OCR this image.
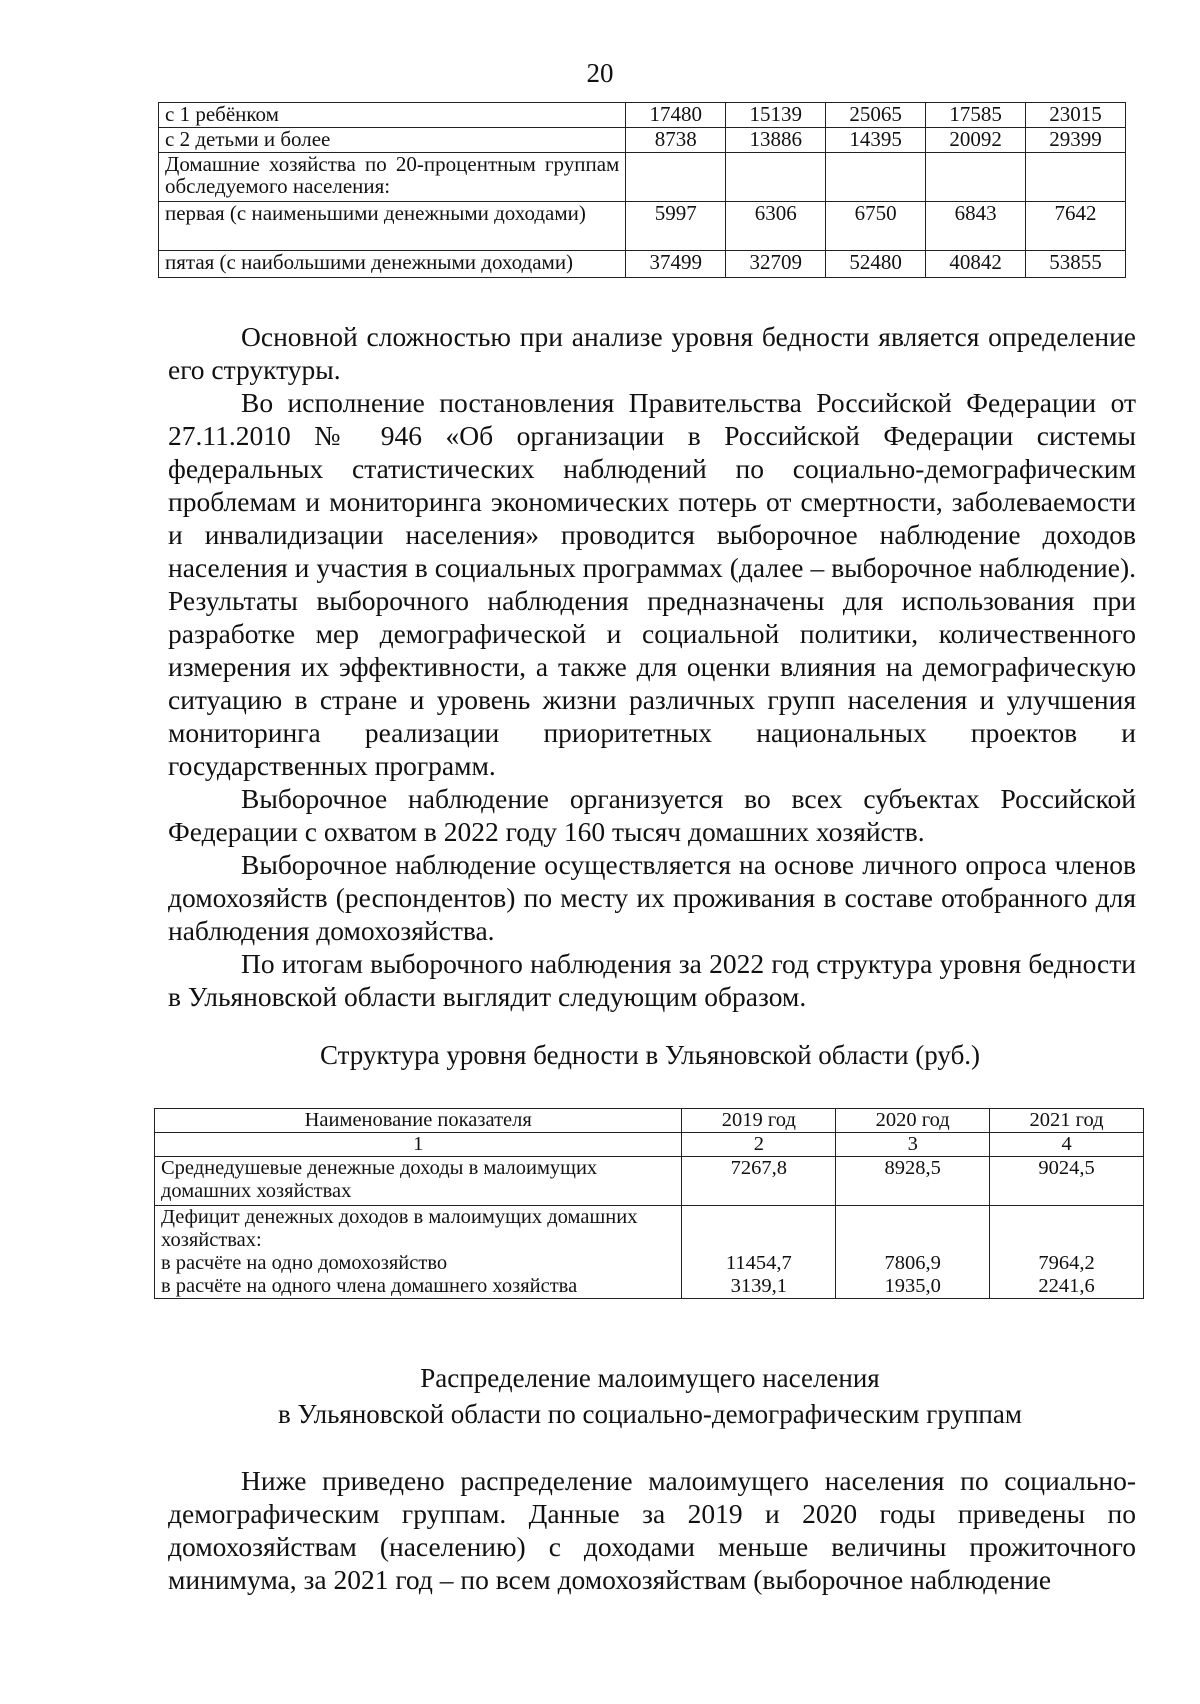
20
с 1 ребёнком	17480	15139	25065	17585	23015
с 2 детьми и более	8738	13886	14395	20092	29399
Домашние хозяйства по 20-процентным группам обследуемого населения:					
первая (с наименьшими денежными доходами)	5997	6306	6750	6843	7642
пятая (с наибольшими денежными доходами)	37499	32709	52480	40842	53855

Основной сложностью при анализе уровня бедности является определение его структуры.

Во исполнение постановления Правительства Российской Федерации от 27.11.2010 № 946 «Об организации в Российской Федерации системы федеральных статистических наблюдений по социально-демографическим проблемам и мониторинга экономических потерь от смертности, заболеваемости и инвалидизации населения» проводится выборочное наблюдение доходов населения и участия в социальных программах (далее – выборочное наблюдение). Результаты выборочного наблюдения предназначены для использования при разработке мер демографической и социальной политики, количественного измерения их эффективности, а также для оценки влияния на демографическую ситуацию в стране и уровень жизни различных групп населения и улучшения мониторинга реализации приоритетных национальных проектов и государственных программ.

Выборочное наблюдение организуется во всех субъектах Российской Федерации с охватом в 2022 году 160 тысяч домашних хозяйств.

Выборочное наблюдение осуществляется на основе личного опроса членов домохозяйств (респондентов) по месту их проживания в составе отобранного для наблюдения домохозяйства.

По итогам выборочного наблюдения за 2022 год структура уровня бедности в Ульяновской области выглядит следующим образом.

Структура уровня бедности в Ульяновской области (руб.)
Наименование показателя	2019 год	2020 год	2021 год
1	2	3	4
Среднедушевые денежные доходы в малоимущих домашних хозяйствах	7267,8	8928,5	9024,5
Дефицит денежных доходов в малоимущих домашних хозяйствах:			
в расчёте на одно домохозяйство	11454,7	7806,9	7964,2
в расчёте на одного члена домашнего хозяйства	3139,1	1935,0	2241,6
Распределение малоимущего населения
в Ульяновской области по социально-демографическим группам

Ниже приведено распределение малоимущего населения по социально-демографическим группам. Данные за 2019 и 2020 годы приведены по домохозяйствам (населению) с доходами меньше величины прожиточного минимума, за 2021 год – по всем домохозяйствам (выборочное наблюдение
